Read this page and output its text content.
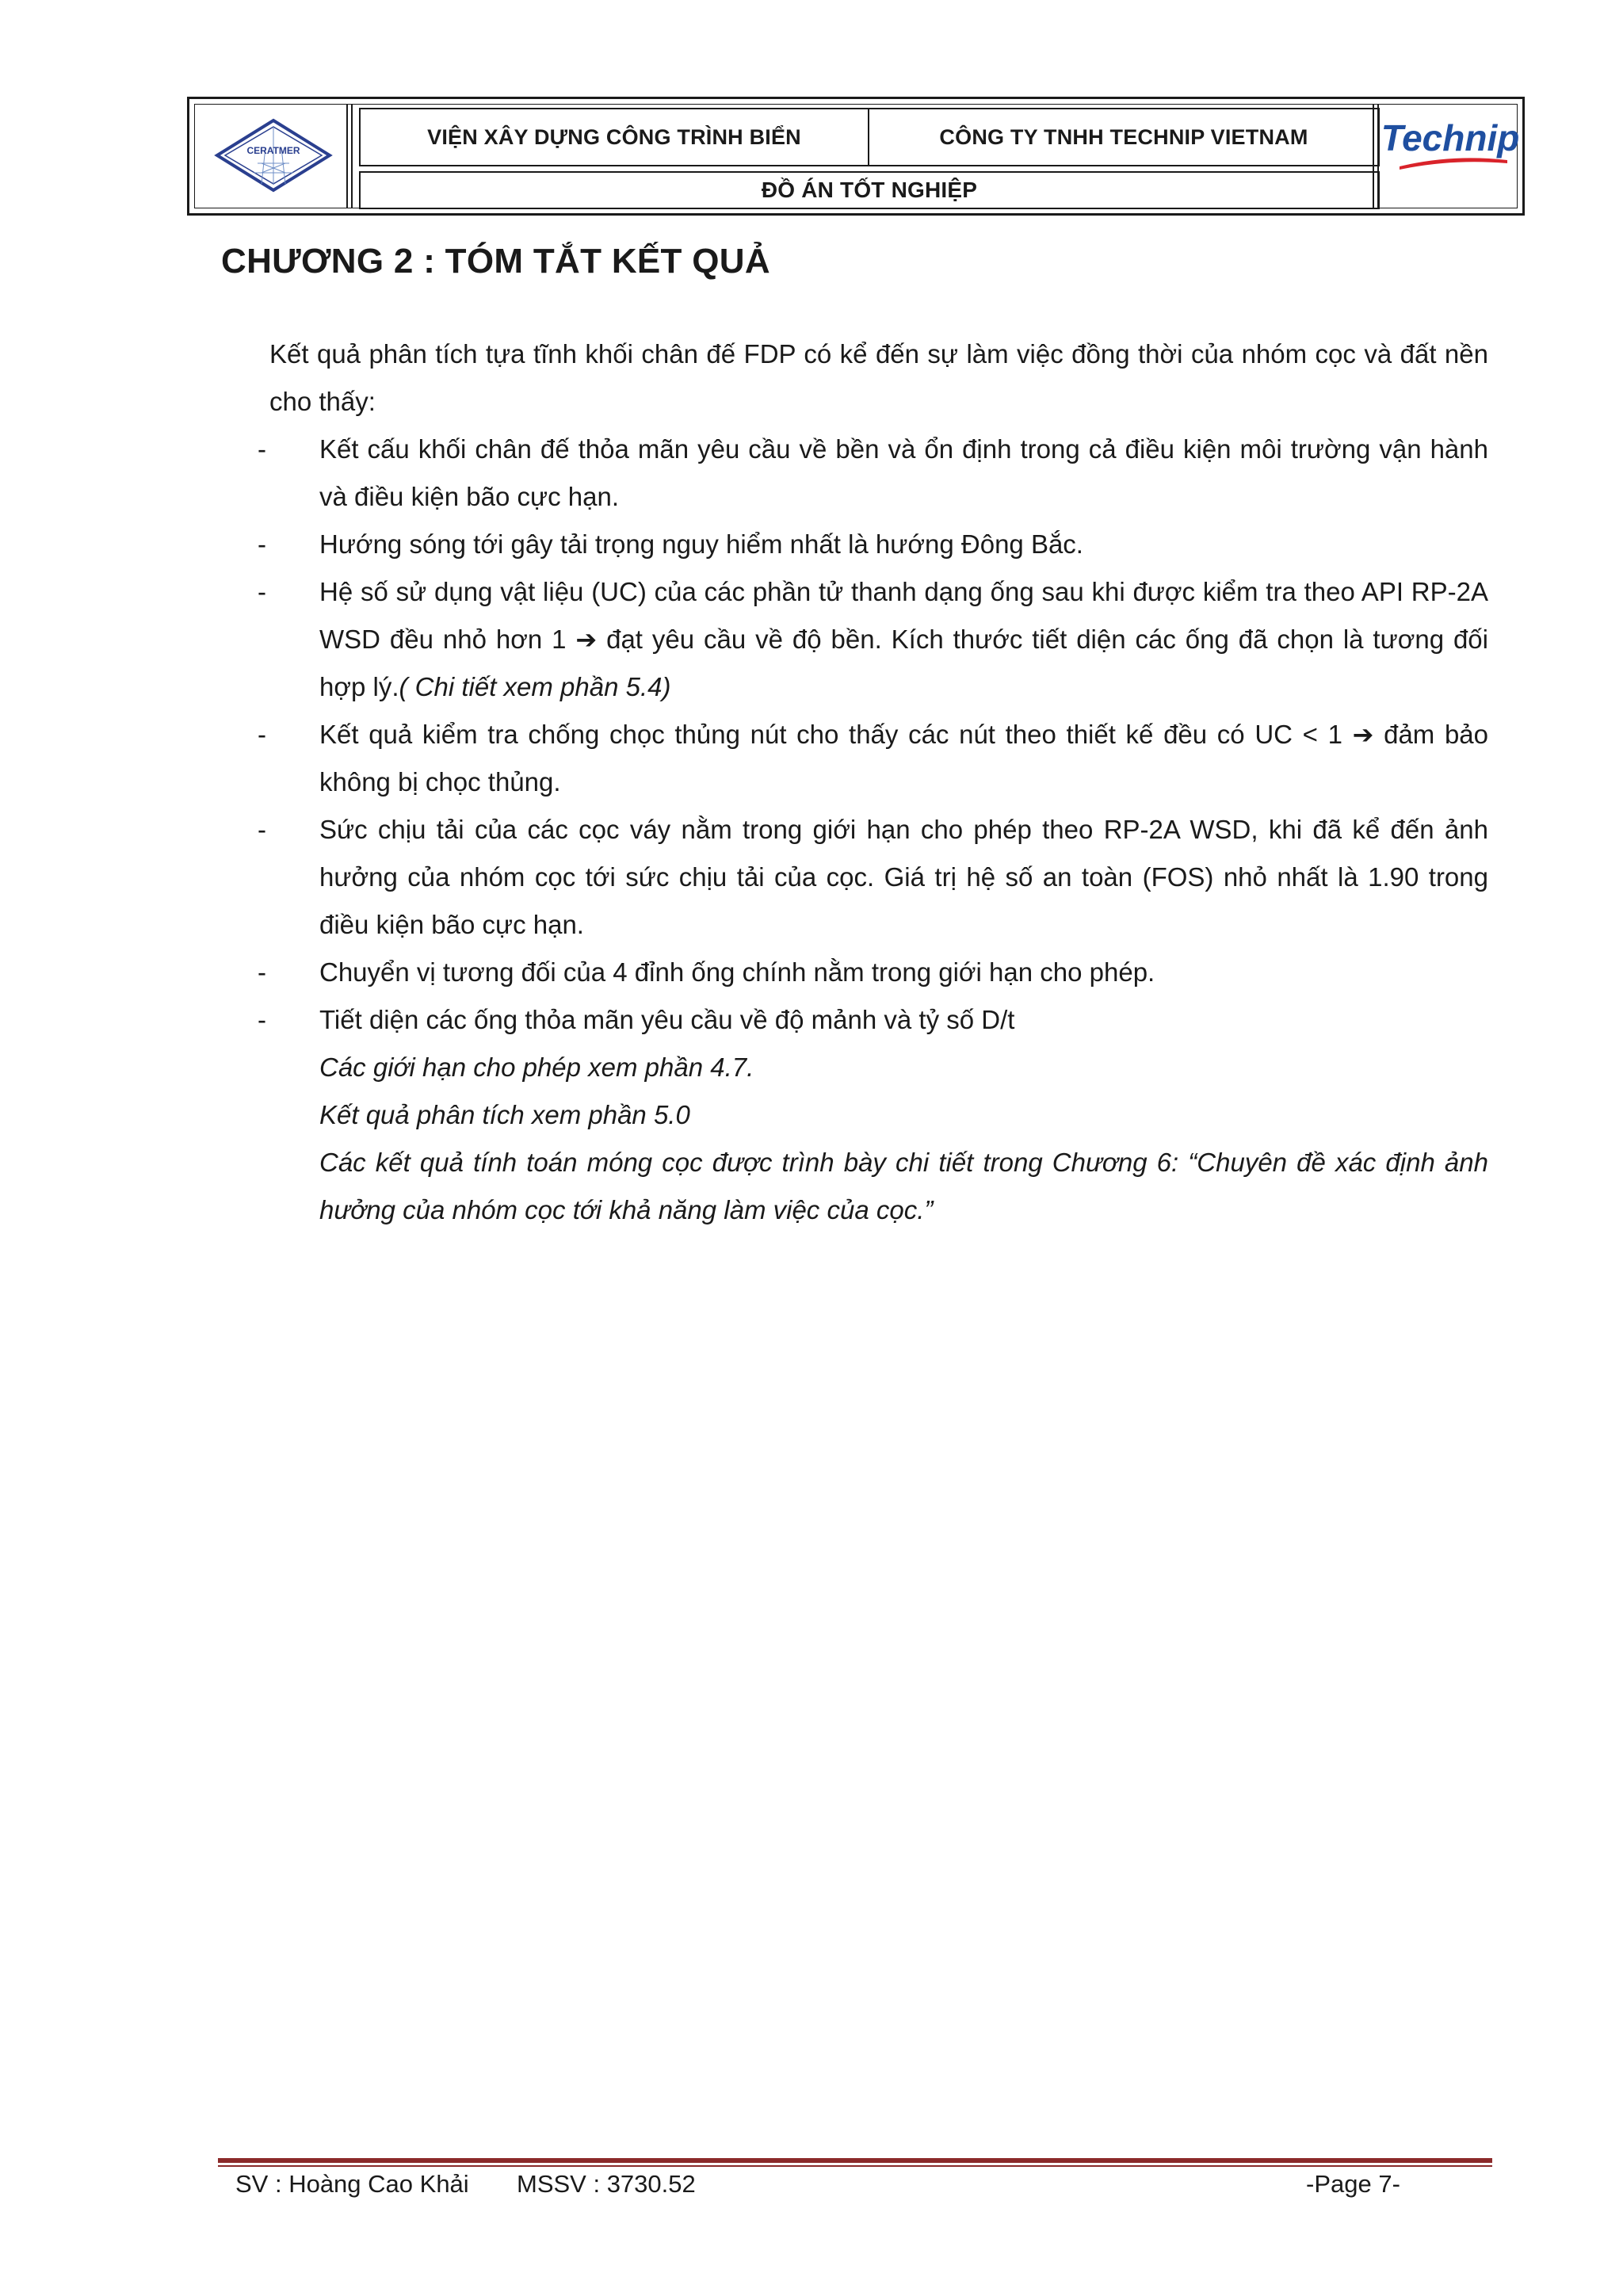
CERATMER
VIỆN XÂY DỰNG CÔNG TRÌNH BIỂN	CÔNG TY TNHH TECHNIP VIETNAM
ĐỒ ÁN TỐT NGHIỆP
Technip
CHƯƠNG 2 : TÓM TẮT KẾT QUẢ

Kết quả phân tích tựa tĩnh khối chân đế FDP có kể đến sự làm việc đồng thời của nhóm cọc và đất nền cho thấy:

- Kết cấu khối chân đế thỏa mãn yêu cầu về bền và ổn định trong cả điều kiện môi trường vận hành và điều kiện bão cực hạn.
- Hướng sóng tới gây tải trọng nguy hiểm nhất là hướng Đông Bắc.
- Hệ số sử dụng vật liệu (UC) của các phần tử thanh dạng ống sau khi được kiểm tra theo API RP-2A WSD đều nhỏ hơn 1 ➔ đạt yêu cầu về độ bền. Kích thước tiết diện các ống đã chọn là tương đối hợp lý.( Chi tiết xem phần 5.4)
- Kết quả kiểm tra chống chọc thủng nút cho thấy các nút theo thiết kế đều có UC < 1 ➔ đảm bảo không bị chọc thủng.
- Sức chịu tải của các cọc váy nằm trong giới hạn cho phép theo RP-2A WSD, khi đã kể đến ảnh hưởng của nhóm cọc tới sức chịu tải của cọc. Giá trị hệ số an toàn (FOS) nhỏ nhất là 1.90 trong điều kiện bão cực hạn.
- Chuyển vị tương đối của 4 đỉnh ống chính nằm trong giới hạn cho phép.
- Tiết diện các ống thỏa mãn yêu cầu về độ mảnh và tỷ số D/t
Các giới hạn cho phép xem phần 4.7.
Kết quả phân tích xem phần 5.0
Các kết quả tính toán móng cọc được trình bày chi tiết trong Chương 6: “Chuyên đề xác định ảnh hưởng của nhóm cọc tới khả năng làm việc của cọc.”
SV : Hoàng Cao Khải MSSV : 3730.52	-Page 7-
